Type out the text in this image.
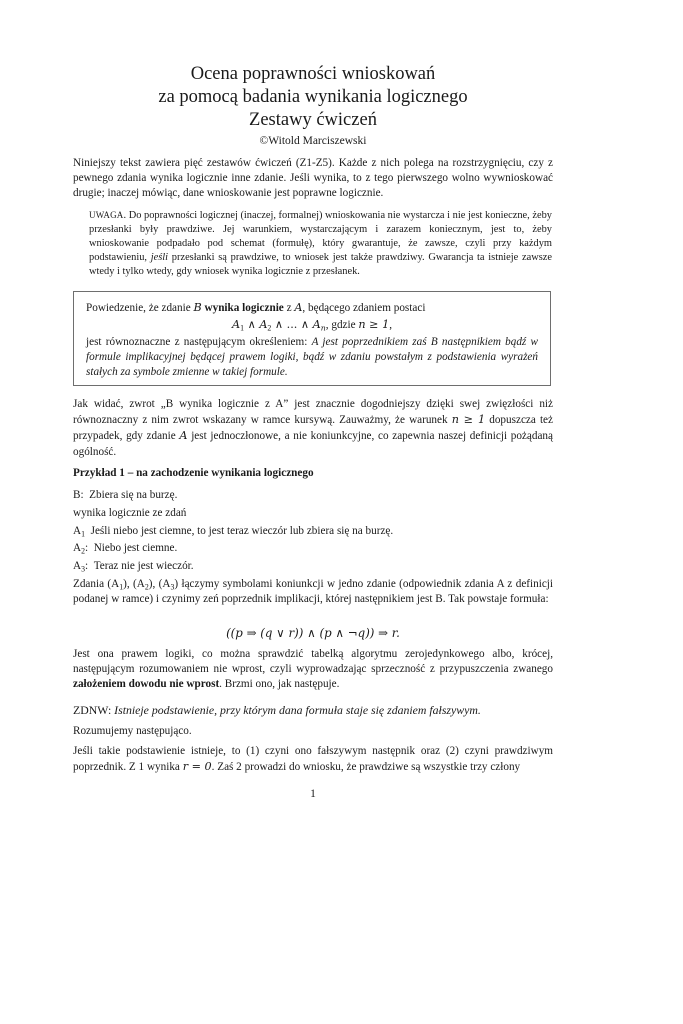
Ocena poprawności wnioskowań
za pomocą badania wynikania logicznego
Zestawy ćwiczeń
©Witold Marciszewski

Niniejszy tekst zawiera pięć zestawów ćwiczeń (Z1-Z5). Każde z nich polega na rozstrzygnięciu, czy z pewnego zdania wynika logicznie inne zdanie. Jeśli wynika, to z tego pierwszego wolno wywnioskować drugie; inaczej mówiąc, dane wnioskowanie jest poprawne logicznie.

UWAGA. Do poprawności logicznej (inaczej, formalnej) wnioskowania nie wystarcza i nie jest konieczne, żeby przesłanki były prawdziwe. Jej warunkiem, wystarczającym i zarazem koniecznym, jest to, żeby wnioskowanie podpadało pod schemat (formułę), który gwarantuje, że zawsze, czyli przy każdym podstawieniu, jeśli przesłanki są prawdziwe, to wniosek jest także prawdziwy. Gwarancja ta istnieje zawsze wtedy i tylko wtedy, gdy wniosek wynika logicznie z przesłanek.

Powiedzenie, że zdanie B wynika logicznie z A, będącego zdaniem postaci

$A_1$ ∧ $A_2$ ∧ ... ∧ $A_n$, gdzie n ≥ 1,

jest równoznaczne z następującym określeniem: A jest poprzednikiem zaś B następnikiem bądź w formule implikacyjnej będącej prawem logiki, bądź w zdaniu powstałym z podstawienia wyrażeń stałych za symbole zmienne w takiej formule.

Jak widać, zwrot „B wynika logicznie z A” jest znacznie dogodniejszy dzięki swej zwięzłości niż równoznaczny z nim zwrot wskazany w ramce kursywą. Zauważmy, że warunek n ≥ 1 dopuszcza też przypadek, gdy zdanie A jest jednoczłonowe, a nie koniunkcyjne, co zapewnia naszej definicji pożądaną ogólność.

Przykład 1 – na zachodzenie wynikania logicznego

B: Zbiera się na burzę.

wynika logicznie ze zdań

$A_1$ Jeśli niebo jest ciemne, to jest teraz wieczór lub zbiera się na burzę.

$A_2$: Niebo jest ciemne.

$A_3$: Teraz nie jest wieczór.

Zdania $(A_1)$, $(A_2)$, $(A_3)$ łączymy symbolami koniunkcji w jedno zdanie (odpowiednik zdania A z definicji podanej w ramce) i czynimy zeń poprzednik implikacji, której następnikiem jest B. Tak powstaje formuła:

((p ⇒ (q ∨ r)) ∧ (p ∧ ¬q)) ⇒ r.

Jest ona prawem logiki, co można sprawdzić tabelką algorytmu zerojedynkowego albo, krócej, następującym rozumowaniem nie wprost, czyli wyprowadzając sprzeczność z przypuszczenia zwanego założeniem dowodu nie wprost. Brzmi ono, jak następuje.

ZDNW: Istnieje podstawienie, przy którym dana formuła staje się zdaniem fałszywym.

Rozumujemy następująco.

Jeśli takie podstawienie istnieje, to (1) czyni ono fałszywym następnik oraz (2) czyni prawdziwym poprzednik. Z 1 wynika r = 0. Zaś 2 prowadzi do wniosku, że prawdziwe są wszystkie trzy człony

1
